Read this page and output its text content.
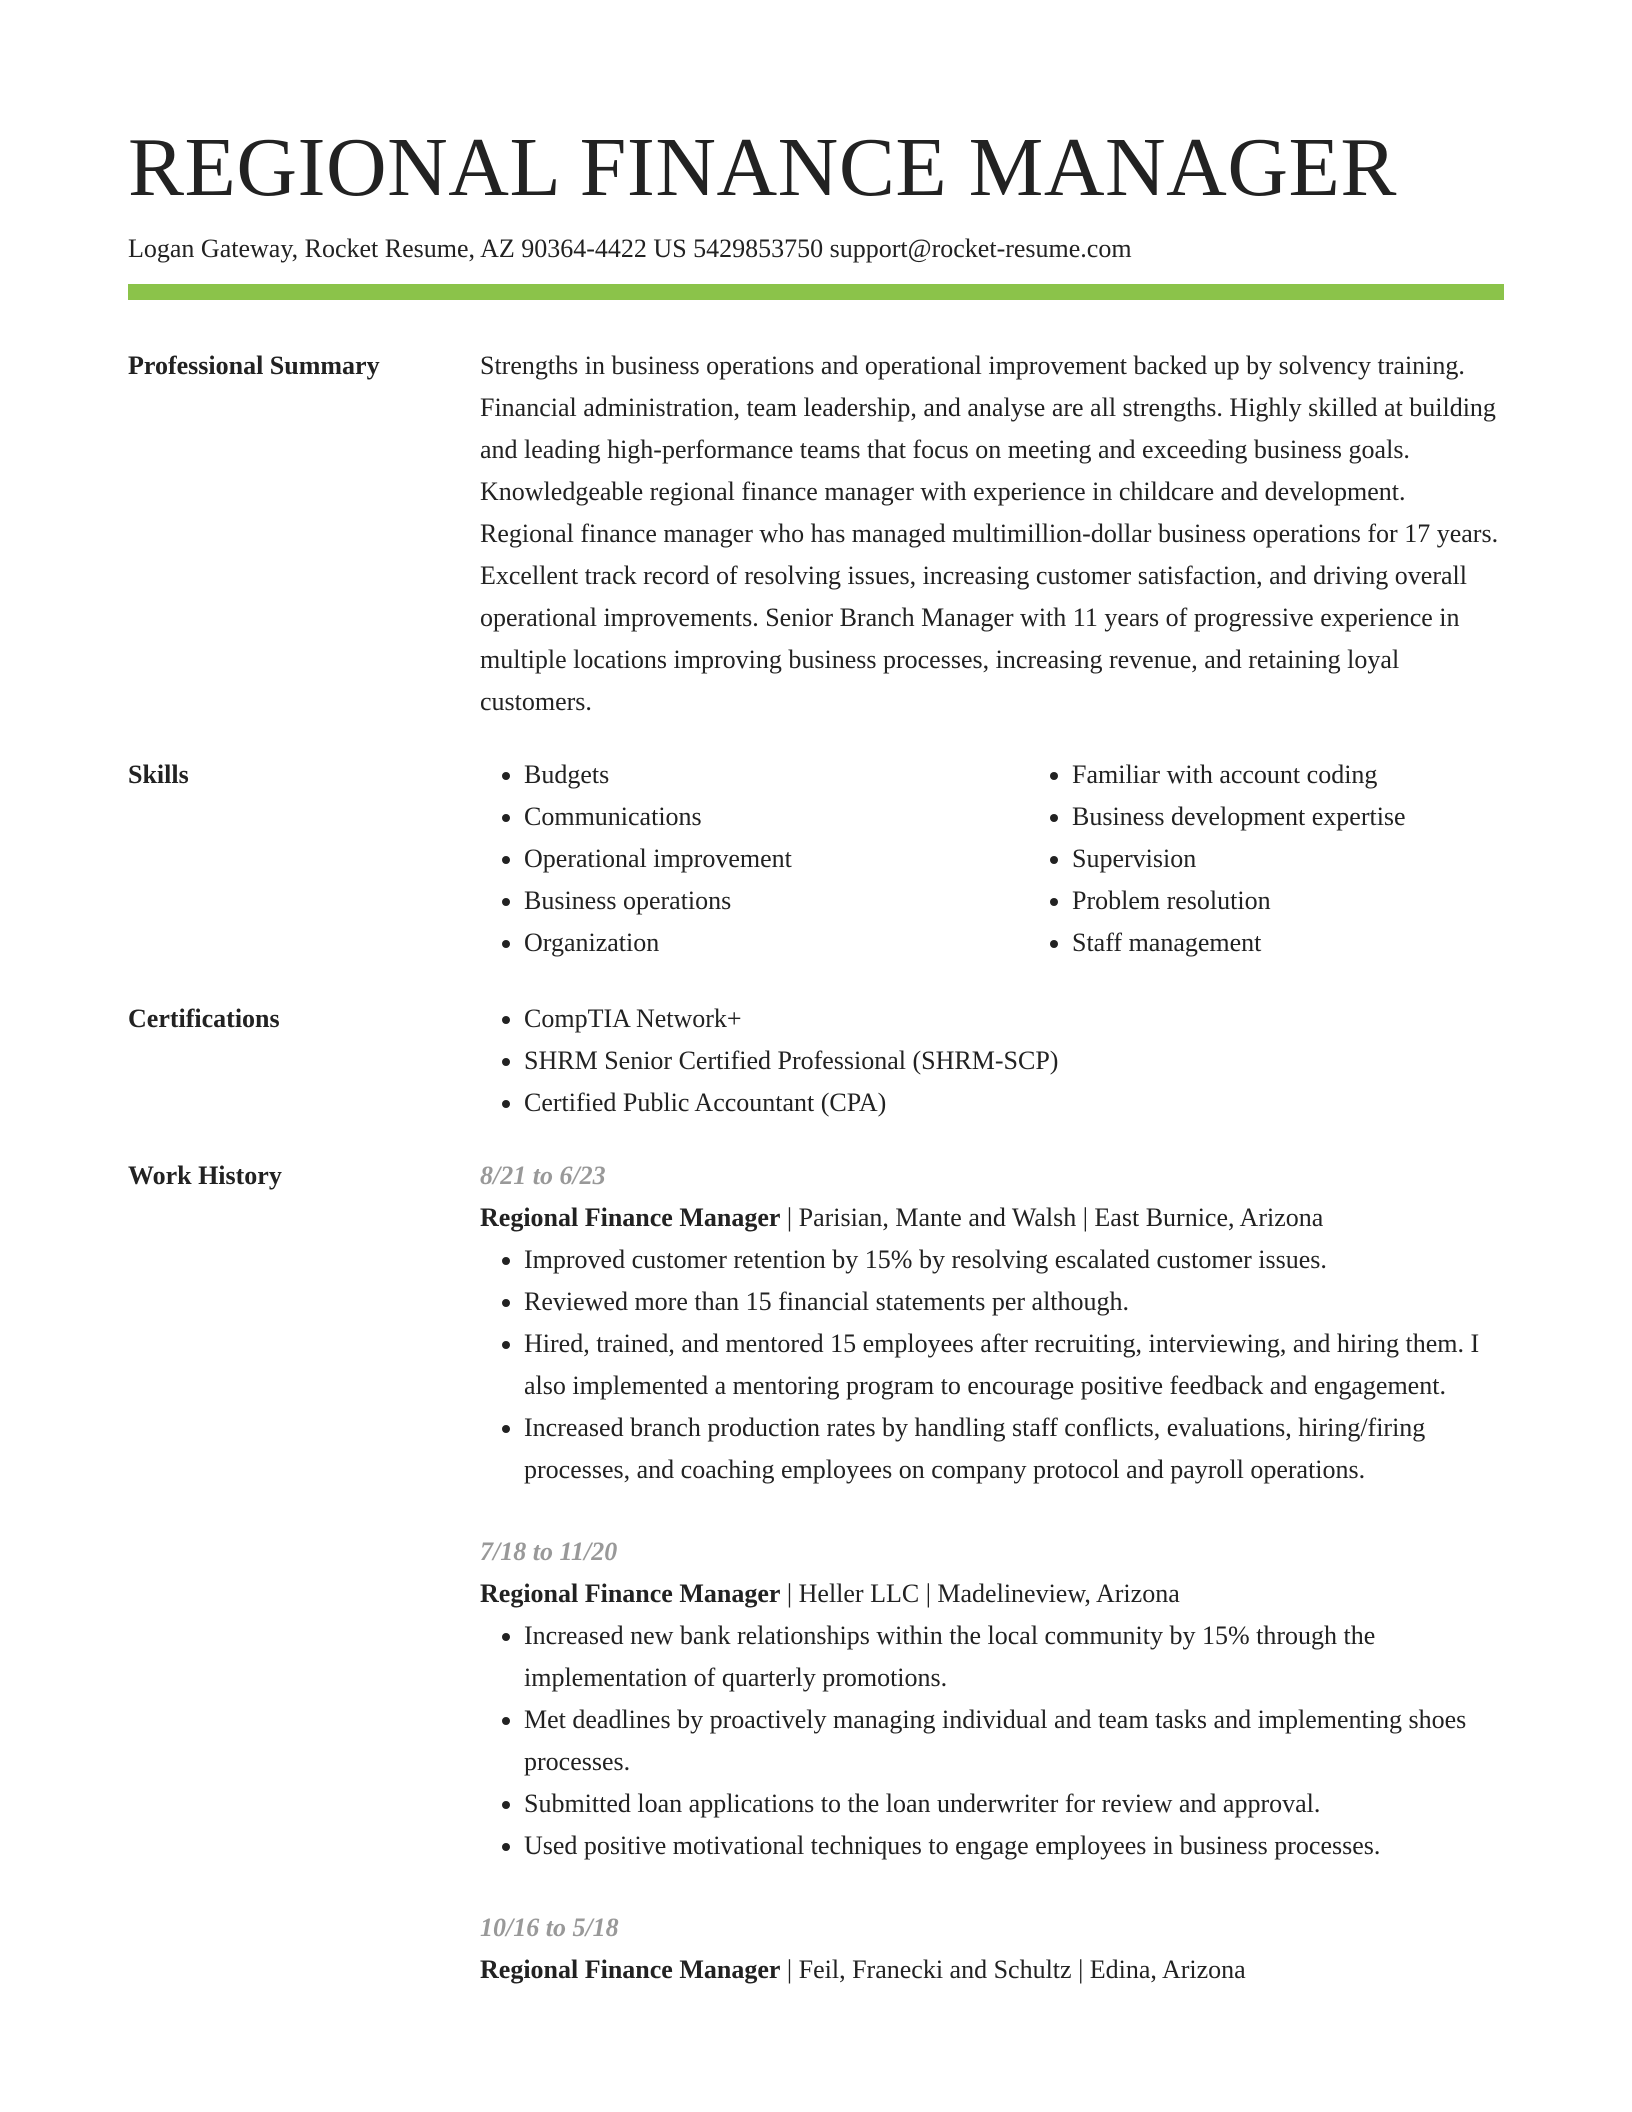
REGIONAL FINANCE MANAGER
Logan Gateway, Rocket Resume, AZ 90364-4422 US 5429853750 support@rocket-resume.com
Professional Summary	Strengths in business operations and operational improvement backed up by solvency training. Financial administration, team leadership, and analyse are all strengths. Highly skilled at building and leading high-performance teams that focus on meeting and exceeding business goals. Knowledgeable regional finance manager with experience in childcare and development. Regional finance manager who has managed multimillion-dollar business operations for 17 years. Excellent track record of resolving issues, increasing customer satisfaction, and driving overall operational improvements. Senior Branch Manager with 11 years of progressive experience in multiple locations improving business processes, increasing revenue, and retaining loyal customers.

Skills	• Budgets
• Communications
• Operational improvement
• Business operations
• Organization
• Familiar with account coding
• Business development expertise
• Supervision
• Problem resolution
• Staff management
Certifications	• CompTIA Network+
• SHRM Senior Certified Professional (SHRM-SCP)
• Certified Public Accountant (CPA)
Work History	8/21 to 6/23
Regional Finance Manager | Parisian, Mante and Walsh | East Burnice, Arizona
• Improved customer retention by 15% by resolving escalated customer issues.
• Reviewed more than 15 financial statements per although.
• Hired, trained, and mentored 15 employees after recruiting, interviewing, and hiring them. I also implemented a mentoring program to encourage positive feedback and engagement.
• Increased branch production rates by handling staff conflicts, evaluations, hiring/firing processes, and coaching employees on company protocol and payroll operations.
7/18 to 11/20
Regional Finance Manager | Heller LLC | Madelineview, Arizona
• Increased new bank relationships within the local community by 15% through the implementation of quarterly promotions.
• Met deadlines by proactively managing individual and team tasks and implementing shoes processes.
• Submitted loan applications to the loan underwriter for review and approval.
• Used positive motivational techniques to engage employees in business processes.
10/16 to 5/18
Regional Finance Manager | Feil, Franecki and Schultz | Edina, Arizona
